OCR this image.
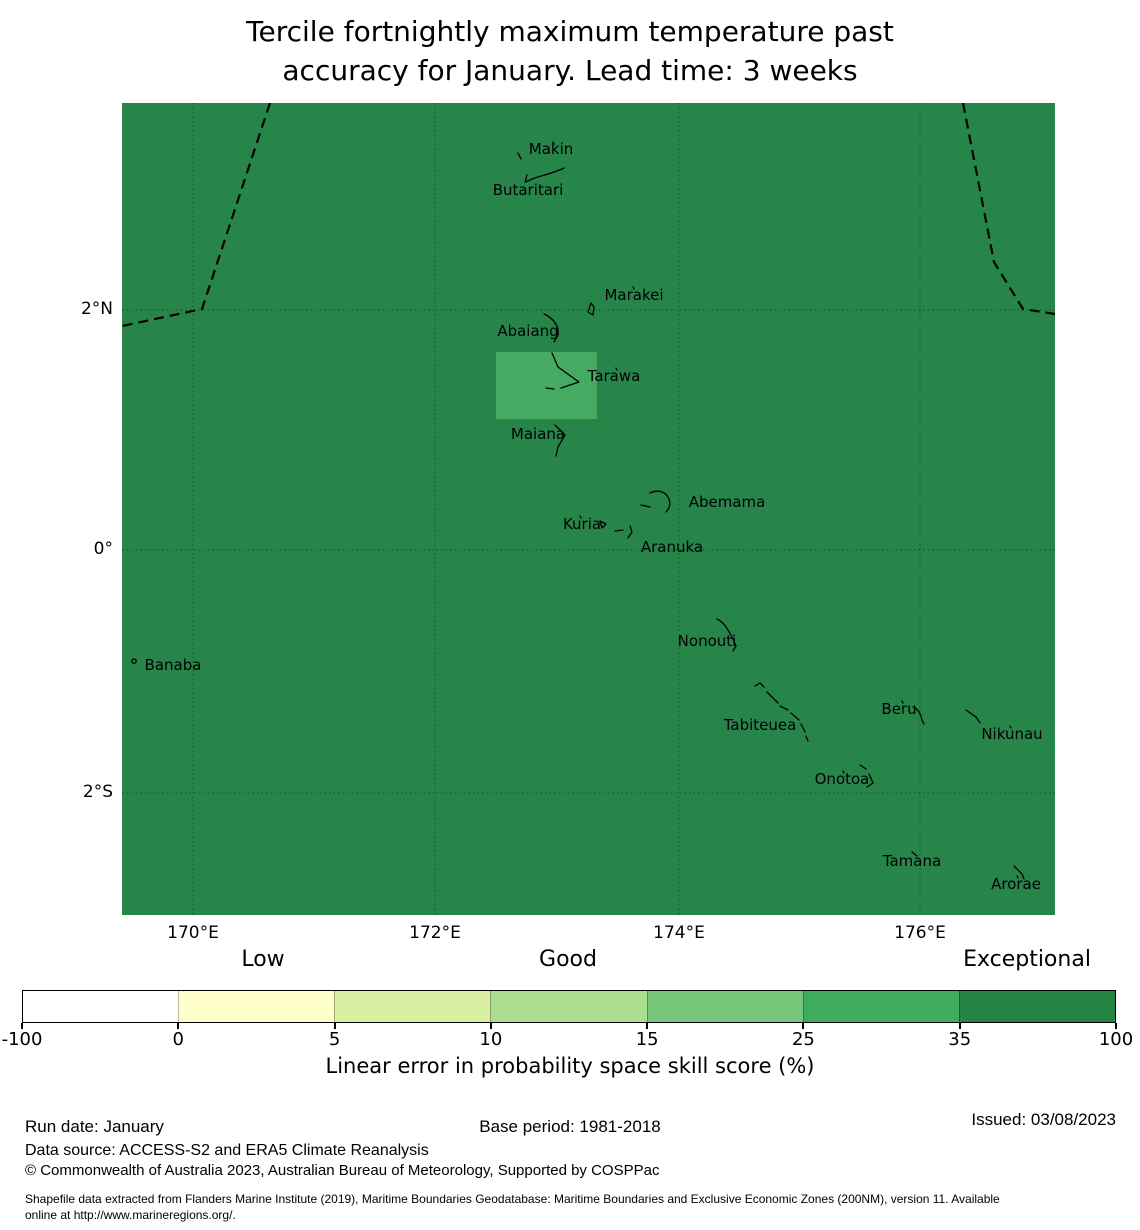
Tercile fortnightly maximum temperature past
accuracy for January. Lead time: 3 weeks
Makin
Butaritari
Marakei
Abaiang
Tarawa
Maiana
Abemama
Kuria
Aranuka
Banaba
Nonouti
Tabiteuea
Beru
Nikunau
Onotoa
Tamana
Arorae
2°N
0°
2°S
170°E	172°E	174°E	176°E
Low	Good	Exceptional
-100	0	5	10	15	25	35	100
Linear error in probability space skill score (%)
Run date: January	Base period: 1981-2018	Issued: 03/08/2023
Data source: ACCESS-S2 and ERA5 Climate Reanalysis
© Commonwealth of Australia 2023, Australian Bureau of Meteorology, Supported by COSPPac
Shapefile data extracted from Flanders Marine Institute (2019), Maritime Boundaries Geodatabase: Maritime Boundaries and Exclusive Economic Zones (200NM), version 11. Available
online at http://www.marineregions.org/.
